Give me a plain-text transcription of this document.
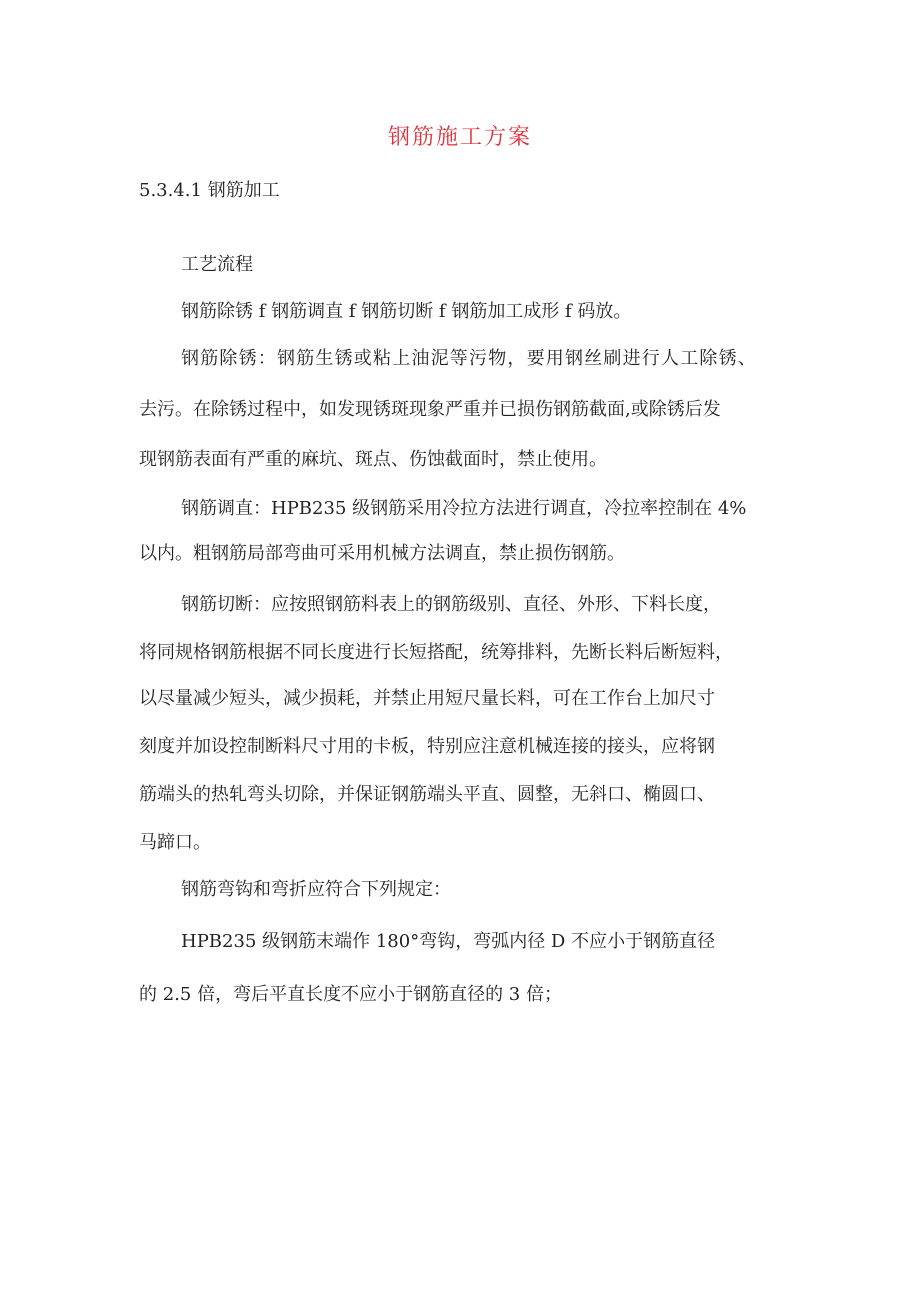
钢筋施工方案
5.3.4.1 钢筋加工
工艺流程
钢筋除锈 f 钢筋调直 f 钢筋切断 f 钢筋加工成形 f 码放。
钢筋除锈：钢筋生锈或粘上油泥等污物，要用钢丝刷进行人工除锈、
去污。在除锈过程中，如发现锈斑现象严重并已损伤钢筋截面,或除锈后发
现钢筋表面有严重的麻坑、斑点、伤蚀截面时，禁止使用。
钢筋调直：HPB235 级钢筋采用冷拉方法进行调直，冷拉率控制在 4%
以内。粗钢筋局部弯曲可采用机械方法调直，禁止损伤钢筋。
钢筋切断：应按照钢筋料表上的钢筋级别、直径、外形、下料长度，
将同规格钢筋根据不同长度进行长短搭配，统筹排料，先断长料后断短料，
以尽量减少短头，减少损耗，并禁止用短尺量长料，可在工作台上加尺寸
刻度并加设控制断料尺寸用的卡板，特别应注意机械连接的接头，应将钢
筋端头的热轧弯头切除，并保证钢筋端头平直、圆整，无斜口、椭圆口、
马蹄口。
钢筋弯钩和弯折应符合下列规定：
HPB235 级钢筋末端作 180°弯钩，弯弧内径 D 不应小于钢筋直径
的 2.5 倍，弯后平直长度不应小于钢筋直径的 3 倍；
